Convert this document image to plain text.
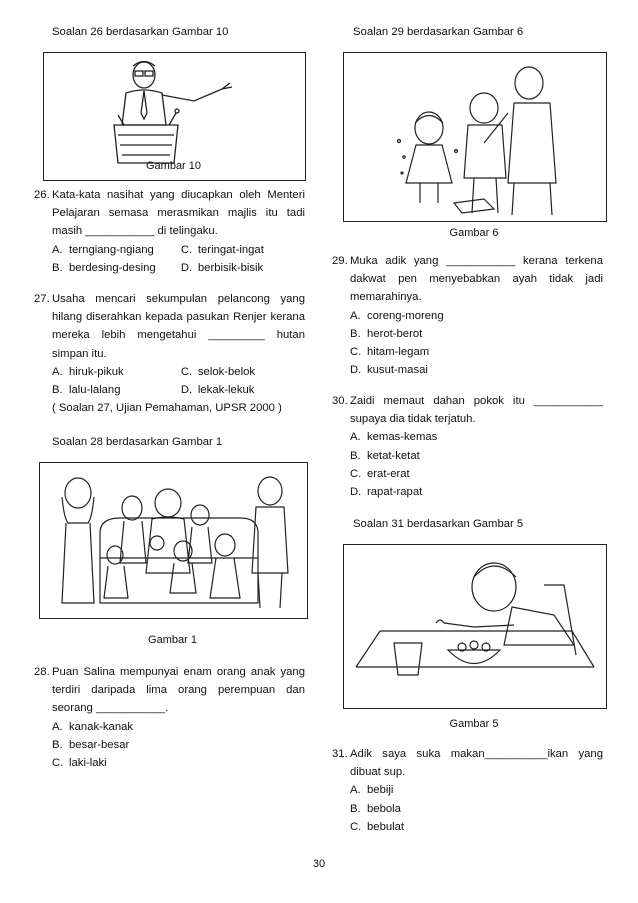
Soalan 26 berdasarkan Gambar 10
Gambar 10
26. Kata-kata nasihat yang diucapkan oleh Menteri Pelajaran semasa merasmikan majlis itu tadi masih ___________ di telingaku.
A. terngiang-ngiang	C. teringat-ingat
B. berdesing-desing	D. berbisik-bisik
27. Usaha mencari sekumpulan pelancong yang hilang diserahkan kepada pasukan Renjer kerana mereka lebih mengetahui _________ hutan simpan itu.
A. hiruk-pikuk	C. selok-belok
B. lalu-lalang	D. lekak-lekuk
( Soalan 27, Ujian Pemahaman, UPSR 2000 )
Soalan 28 berdasarkan Gambar 1
Gambar 1
28. Puan Salina mempunyai enam orang anak yang terdiri daripada lima orang perempuan dan seorang ___________.
A. kanak-kanak
B. besar-besar
C. laki-laki
Soalan 29 berdasarkan Gambar 6
Gambar 6
29. Muka adik yang ___________ kerana terkena dakwat pen menyebabkan ayah tidak jadi memarahinya.
A. coreng-moreng
B. herot-berot
C. hitam-legam
D. kusut-masai
30. Zaidi memaut dahan pokok itu ___________ supaya dia tidak terjatuh.
A. kemas-kemas
B. ketat-ketat
C. erat-erat
D. rapat-rapat
Soalan 31 berdasarkan Gambar 5
Gambar 5
31. Adik saya suka makan__________ikan yang dibuat sup.
A. bebiji
B. bebola
C. bebulat
30
